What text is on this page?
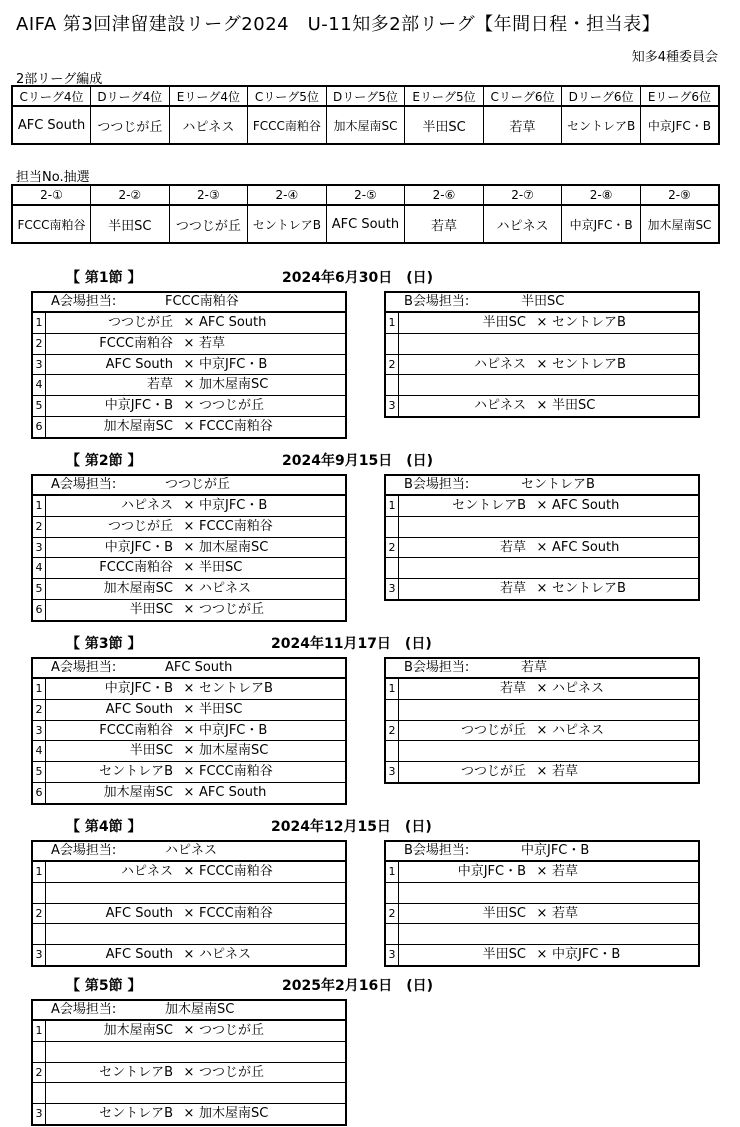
AIFA 第3回津留建設リーグ2024　U-11知多2部リーグ【年間日程・担当表】
知多4種委員会
2部リーグ編成
Cリーグ4位	Dリーグ4位	Eリーグ4位	Cリーグ5位	Dリーグ5位	Eリーグ5位	Cリーグ6位	Dリーグ6位	Eリーグ6位
AFC South	つつじが丘	ハピネス	FCCC南粕谷	加木屋南SC	半田SC	若草	セントレアB	中京JFC・B
担当No.抽選
2-①	2-②	2-③	2-④	2-⑤	2-⑥	2-⑦	2-⑧	2-⑨
FCCC南粕谷	半田SC	つつじが丘	セントレアB	AFC South	若草	ハピネス	中京JFC・B	加木屋南SC
【 第1節 】	2024年6月30日　(日)
A会場担当:	FCCC南粕谷
1	つつじが丘 × AFC South
2	FCCC南粕谷 × 若草
3	AFC South × 中京JFC・B
4	若草 × 加木屋南SC
5	中京JFC・B × つつじが丘
6	加木屋南SC × FCCC南粕谷
B会場担当:	半田SC
1	半田SC × セントレアB
2	ハピネス × セントレアB
3	ハピネス × 半田SC
【 第2節 】	2024年9月15日　(日)
A会場担当:	つつじが丘
1	ハピネス × 中京JFC・B
2	つつじが丘 × FCCC南粕谷
3	中京JFC・B × 加木屋南SC
4	FCCC南粕谷 × 半田SC
5	加木屋南SC × ハピネス
6	半田SC × つつじが丘
B会場担当:	セントレアB
1	セントレアB × AFC South
2	若草 × AFC South
3	若草 × セントレアB
【 第3節 】	2024年11月17日　(日)
A会場担当:	AFC South
1	中京JFC・B × セントレアB
2	AFC South × 半田SC
3	FCCC南粕谷 × 中京JFC・B
4	半田SC × 加木屋南SC
5	セントレアB × FCCC南粕谷
6	加木屋南SC × AFC South
B会場担当:	若草
1	若草 × ハピネス
2	つつじが丘 × ハピネス
3	つつじが丘 × 若草
【 第4節 】	2024年12月15日　(日)
A会場担当:	ハピネス
1	ハピネス × FCCC南粕谷
2	AFC South × FCCC南粕谷
3	AFC South × ハピネス
B会場担当:	中京JFC・B
1	中京JFC・B × 若草
2	半田SC × 若草
3	半田SC × 中京JFC・B
【 第5節 】	2025年2月16日　(日)
A会場担当:	加木屋南SC
1	加木屋南SC × つつじが丘
2	セントレアB × つつじが丘
3	セントレアB × 加木屋南SC
